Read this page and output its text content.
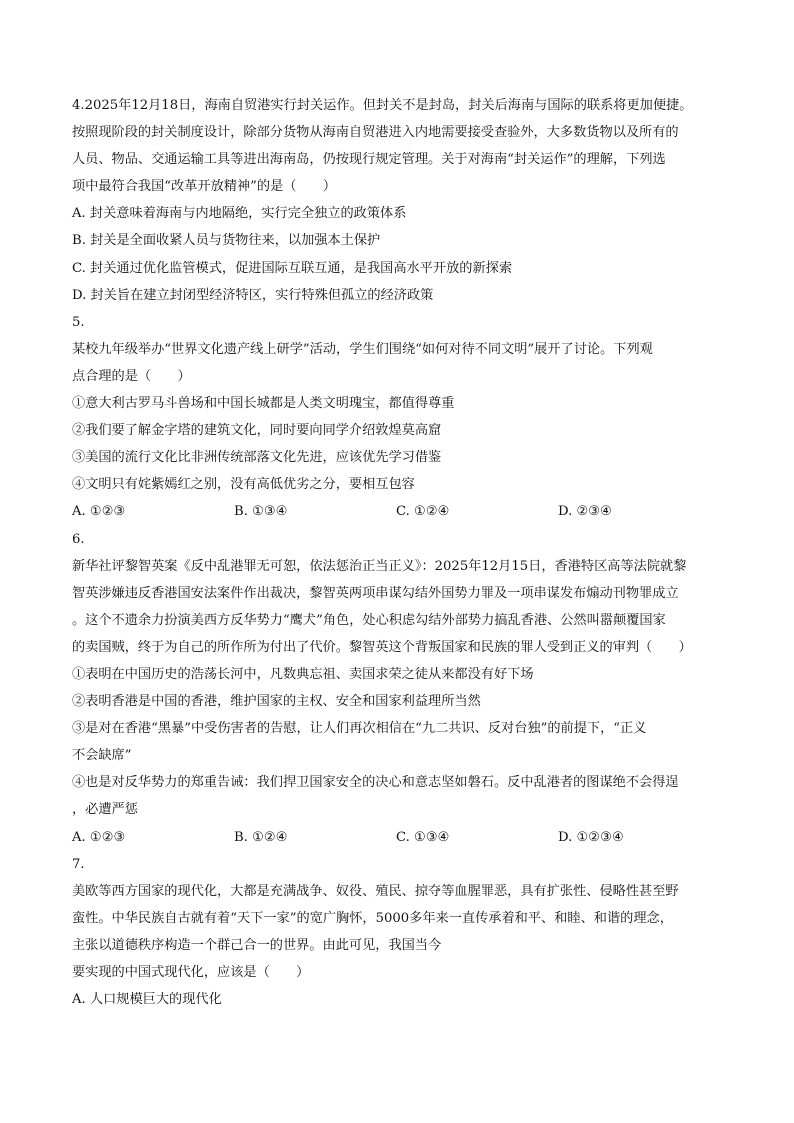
4.2025年12月18日，海南自贸港实行封关运作。但封关不是封岛，封关后海南与国际的联系将更加便捷。
按照现阶段的封关制度设计，除部分货物从海南自贸港进入内地需要接受查验外，大多数货物以及所有的
人员、物品、交通运输工具等进出海南岛，仍按现行规定管理。关于对海南“封关运作”的理解，下列选
项中最符合我国“改革开放精神”的是（　　）
A. 封关意味着海南与内地隔绝，实行完全独立的政策体系
B. 封关是全面收紧人员与货物往来，以加强本土保护
C. 封关通过优化监管模式，促进国际互联互通，是我国高水平开放的新探索
D. 封关旨在建立封闭型经济特区，实行特殊但孤立的经济政策
5.
某校九年级举办“世界文化遗产线上研学”活动，学生们围绕“如何对待不同文明”展开了讨论。下列观
点合理的是（　　）
①意大利古罗马斗兽场和中国长城都是人类文明瑰宝，都值得尊重
②我们要了解金字塔的建筑文化，同时要向同学介绍敦煌莫高窟
③美国的流行文化比非洲传统部落文化先进，应该优先学习借鉴
④文明只有姹紫嫣红之别，没有高低优劣之分，要相互包容
A. ①②③	B. ①③④	C. ①②④	D. ②③④
6.
新华社评黎智英案《反中乱港罪无可恕，依法惩治正当正义》：2025年12月15日，香港特区高等法院就黎
智英涉嫌违反香港国安法案件作出裁决，黎智英两项串谋勾结外国势力罪及一项串谋发布煽动刊物罪成立
。这个不遗余力扮演美西方反华势力“鹰犬”角色，处心积虑勾结外部势力搞乱香港、公然叫嚣颠覆国家
的卖国贼，终于为自己的所作所为付出了代价。黎智英这个背叛国家和民族的罪人受到正义的审判（　　）
①表明在中国历史的浩荡长河中，凡数典忘祖、卖国求荣之徒从来都没有好下场
②表明香港是中国的香港，维护国家的主权、安全和国家利益理所当然
③是对在香港“黑暴”中受伤害者的告慰，让人们再次相信在“九二共识、反对台独”的前提下，“正义
不会缺席”
④也是对反华势力的郑重告诫：我们捍卫国家安全的决心和意志坚如磐石。反中乱港者的图谋绝不会得逞
，必遭严惩
A. ①②③	B. ①②④	C. ①③④	D. ①②③④
7.
美欧等西方国家的现代化，大都是充满战争、奴役、殖民、掠夺等血腥罪恶，具有扩张性、侵略性甚至野
蛮性。中华民族自古就有着“天下一家”的宽广胸怀，5000多年来一直传承着和平、和睦、和谐的理念，
主张以道德秩序构造一个群己合一的世界。由此可见，我国当今
要实现的中国式现代化，应该是（　　）
A. 人口规模巨大的现代化
